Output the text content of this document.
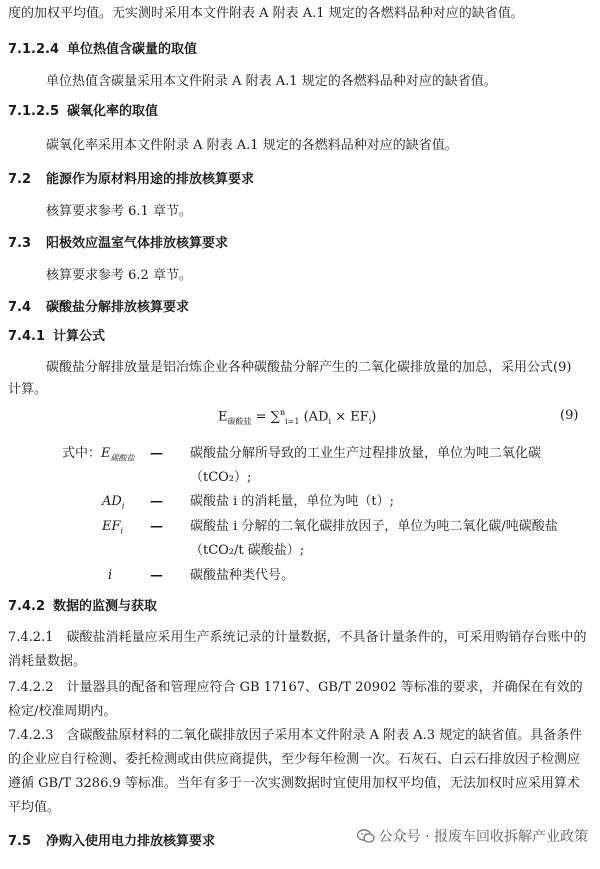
度的加权平均值。无实测时采用本文件附表 A 附表 A.1 规定的各燃料品种对应的缺省值。
7.1.2.4 单位热值含碳量的取值
单位热值含碳量采用本文件附录 A 附表 A.1 规定的各燃料品种对应的缺省值。
7.1.2.5 碳氧化率的取值
碳氧化率采用本文件附录 A 附表 A.1 规定的各燃料品种对应的缺省值。
7.2 能源作为原材料用途的排放核算要求
核算要求参考 6.1 章节。
7.3 阳极效应温室气体排放核算要求
核算要求参考 6.2 章节。
7.4 碳酸盐分解排放核算要求
7.4.1 计算公式
碳酸盐分解排放量是铝冶炼企业各种碳酸盐分解产生的二氧化碳排放量的加总，采用公式(9)
计算。
$E_{碳酸盐} = \sum^n_{i=1}$ $(AD_i \times EF_i)$	(9)
式中：$E_{碳酸盐}$ — 碳酸盐分解所导致的工业生产过程排放量，单位为吨二氧化碳（tCO₂）;
$AD_i$ — 碳酸盐 i 的消耗量，单位为吨（t）;
$EF_i$ — 碳酸盐 i 分解的二氧化碳排放因子，单位为吨二氧化碳/吨碳酸盐（tCO₂/t 碳酸盐）;
i	— 碳酸盐种类代号。
7.4.2 数据的监测与获取
7.4.2.1　碳酸盐消耗量应采用生产系统记录的计量数据，不具备计量条件的，可采用购销存台账中的消耗量数据。
7.4.2.2　计量器具的配备和管理应符合 GB 17167、GB/T 20902 等标准的要求，并确保在有效的检定/校准周期内。
7.4.2.3　含碳酸盐原材料的二氧化碳排放因子采用本文件附录 A 附表 A.3 规定的缺省值。具备条件的企业应自行检测、委托检测或由供应商提供，至少每年检测一次。石灰石、白云石排放因子检测应遵循 GB/T 3286.9 等标准。当年有多于一次实测数据时宜使用加权平均值，无法加权时应采用算术平均值。
7.5 净购入使用电力排放核算要求	公众号 · 报废车回收拆解产业政策
